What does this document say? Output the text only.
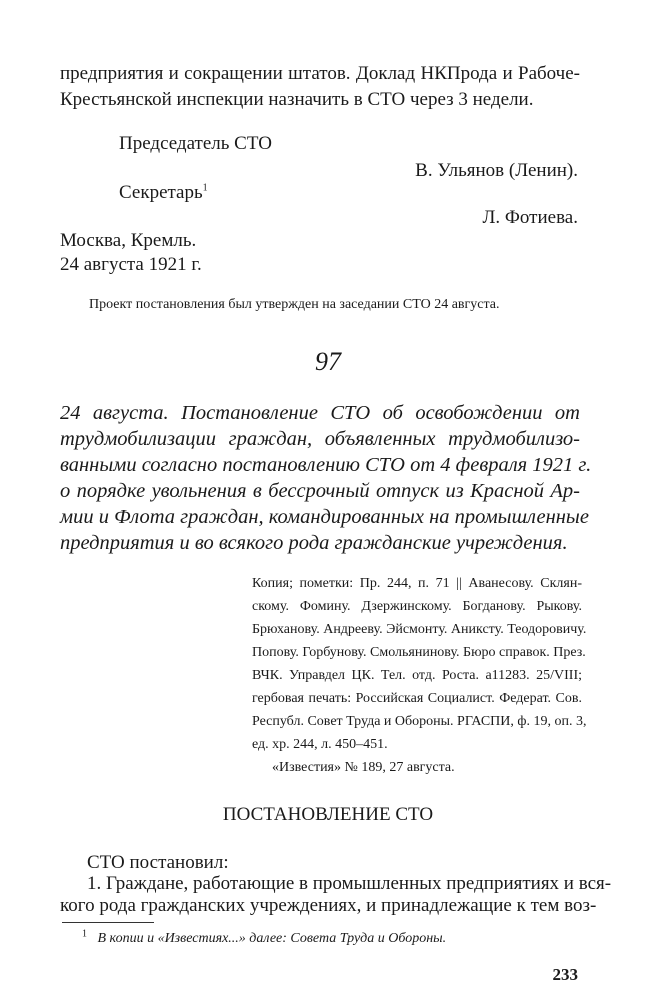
предприятия и сокращении штатов. Доклад НКПрода и Рабоче-
Крестьянской инспекции назначить в СТО через 3 недели.
Председатель СТО
В. Ульянов (Ленин).
Секретарь$^1$
Л. Фотиева.
Москва, Кремль.
24 августа 1921 г.
Проект постановления был утвержден на заседании СТО 24 августа.
97
24 августа. Постановление СТО об освобождении от
трудмобилизации граждан, объявленных трудмобилизо-
ванными согласно постановлению СТО от 4 февраля 1921 г.
о порядке увольнения в бессрочный отпуск из Красной Ар-
мии и Флота граждан, командированных на промышленные
предприятия и во всякого рода гражданские учреждения.
Копия; пометки: Пр. 244, п. 71 || Аванесову. Склян-
скому. Фомину. Дзержинскому. Богданову. Рыкову.
Брюханову. Андрееву. Эйсмонту. Аниксту. Теодоровичу.
Попову. Горбунову. Смольянинову. Бюро справок. През.
ВЧК. Управдел ЦК. Тел. отд. Роста. а11283. 25/VIII;
гербовая печать: Российская Социалист. Федерат. Сов.
Республ. Совет Труда и Обороны. РГАСПИ, ф. 19, оп. 3,
ед. хр. 244, л. 450–451.
«Известия» № 189, 27 августа.
ПОСТАНОВЛЕНИЕ СТО
СТО постановил:
1. Граждане, работающие в промышленных предприятиях и вся-
кого рода гражданских учреждениях, и принадлежащие к тем воз-
$^1$ В копии и «Известиях...» далее: Совета Труда и Обороны.
233
